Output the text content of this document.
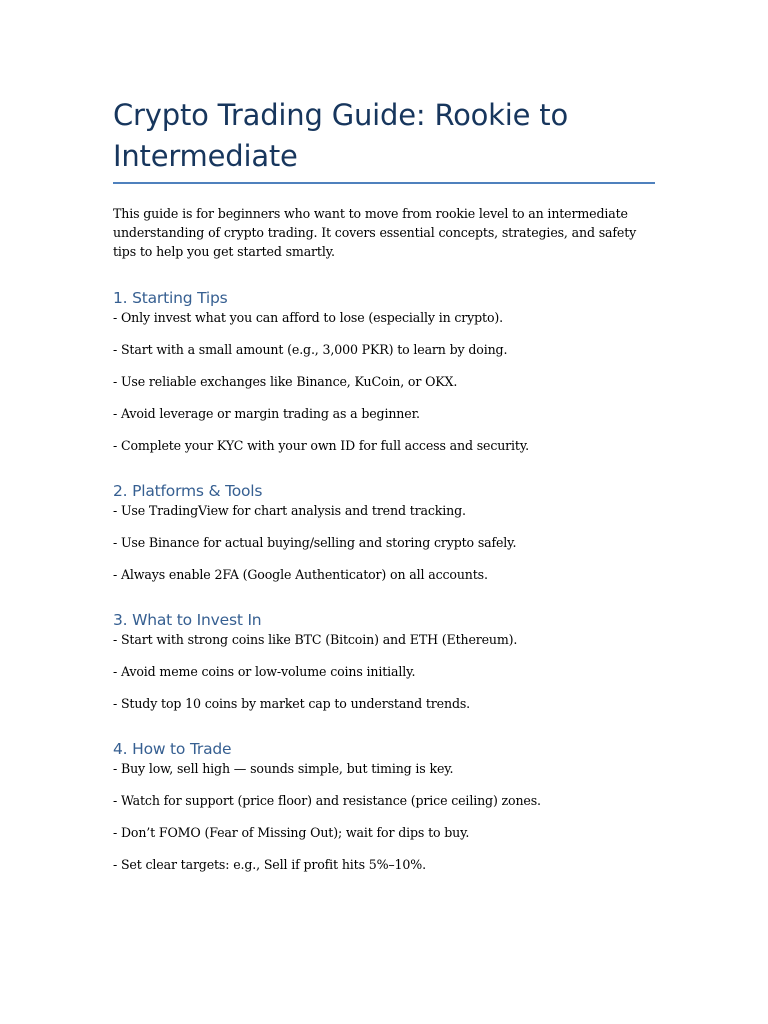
Crypto Trading Guide: Rookie to Intermediate

This guide is for beginners who want to move from rookie level to an intermediate understanding of crypto trading. It covers essential concepts, strategies, and safety tips to help you get started smartly.

1. Starting Tips

- Only invest what you can afford to lose (especially in crypto).

- Start with a small amount (e.g., 3,000 PKR) to learn by doing.

- Use reliable exchanges like Binance, KuCoin, or OKX.

- Avoid leverage or margin trading as a beginner.

- Complete your KYC with your own ID for full access and security.

2. Platforms & Tools

- Use TradingView for chart analysis and trend tracking.

- Use Binance for actual buying/selling and storing crypto safely.

- Always enable 2FA (Google Authenticator) on all accounts.

3. What to Invest In

- Start with strong coins like BTC (Bitcoin) and ETH (Ethereum).

- Avoid meme coins or low-volume coins initially.

- Study top 10 coins by market cap to understand trends.

4. How to Trade

- Buy low, sell high — sounds simple, but timing is key.

- Watch for support (price floor) and resistance (price ceiling) zones.

- Don’t FOMO (Fear of Missing Out); wait for dips to buy.

- Set clear targets: e.g., Sell if profit hits 5%–10%.
